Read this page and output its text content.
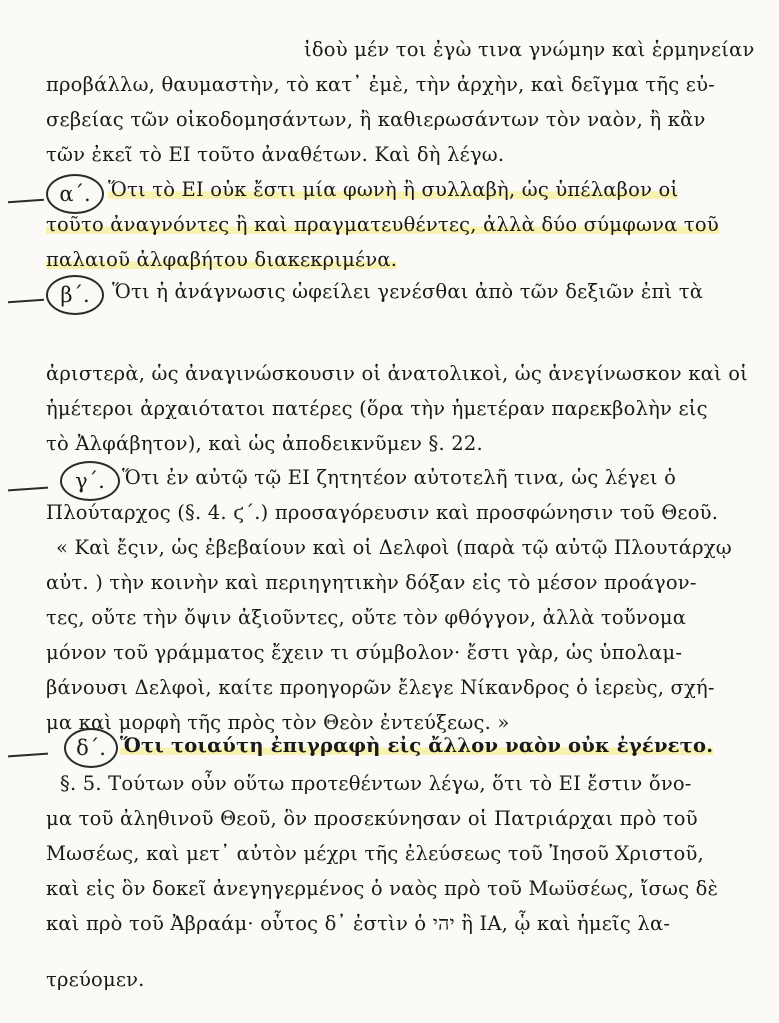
ἰδοὺ μέν τοι ἐγὼ τινα γνώμην καὶ ἑρμηνείαν
προβάλλω, θαυμαστὴν, τὸ κατ᾽ ἐμὲ, τὴν ἀρχὴν, καὶ δεῖγμα τῆς εὐ-
σεβείας τῶν οἰκοδομησάντων, ἢ καθιερωσάντων τὸν ναὸν, ἢ κἂν
τῶν ἐκεῖ τὸ ΕΙ τοῦτο ἀναθέτων. Καὶ δὴ λέγω.
α΄. Ὅτι τὸ ΕΙ οὐκ ἔστι μία φωνὴ ἢ συλλαβὴ, ὡς ὑπέλαβον οἱ
τοῦτο ἀναγνόντες ἢ καὶ πραγματευθέντες, ἀλλὰ δύο σύμφωνα τοῦ
παλαιοῦ ἀλφαβήτου διακεκριμένα.
β΄. Ὅτι ἡ ἀνάγνωσις ὠφείλει γενέσθαι ἀπὸ τῶν δεξιῶν ἐπὶ τὰ
ἀριστερὰ, ὡς ἀναγινώσκουσιν οἱ ἀνατολικοὶ, ὡς ἀνεγίνωσκον καὶ οἱ
ἡμέτεροι ἀρχαιότατοι πατέρες (ὅρα τὴν ἡμετέραν παρεκβολὴν εἰς
τὸ Ἀλφάβητον), καὶ ὡς ἀποδεικνῦμεν §. 22.
γ΄. Ὅτι ἐν αὐτῷ τῷ ΕΙ ζητητέον αὐτοτελῆ τινα, ὡς λέγει ὁ
Πλούταρχος (§. 4. ϛ΄.) προσαγόρευσιν καὶ προσφώνησιν τοῦ Θεοῦ.
« Καὶ ἔςιν, ὡς ἐβεβαίουν καὶ οἱ Δελφοὶ (παρὰ τῷ αὐτῷ Πλουτάρχῳ
αὐτ. ) τὴν κοινὴν καὶ περιηγητικὴν δόξαν εἰς τὸ μέσον προάγον-
τες, οὔτε τὴν ὄψιν ἀξιοῦντες, οὔτε τὸν φθόγγον, ἀλλὰ τοὔνομα
μόνον τοῦ γράμματος ἔχειν τι σύμβολον· ἔστι γὰρ, ὡς ὑπολαμ-
βάνουσι Δελφοὶ, καίτε προηγορῶν ἔλεγε Νίκανδρος ὁ ἱερεὺς, σχή-
μα καὶ μορφὴ τῆς πρὸς τὸν Θεὸν ἐντεύξεως. »
δ΄. Ὅτι τοιαύτη ἐπιγραφὴ εἰς ἄλλον ναὸν οὐκ ἐγένετο.
§. 5. Τούτων οὖν οὕτω προτεθέντων λέγω, ὅτι τὸ ΕΙ ἔστιν ὄνο-
μα τοῦ ἀληθινοῦ Θεοῦ, ὃν προσεκύνησαν οἱ Πατριάρχαι πρὸ τοῦ
Μωσέως, καὶ μετ᾽ αὐτὸν μέχρι τῆς ἐλεύσεως τοῦ Ἰησοῦ Χριστοῦ,
καὶ εἰς ὃν δοκεῖ ἀνεγηγερμένος ὁ ναὸς πρὸ τοῦ Μωϋσέως, ἴσως δὲ
καὶ πρὸ τοῦ Ἀβραάμ· οὗτος δ᾽ ἐστὶν ὁ יהי ἢ ΙΑ, ᾧ καὶ ἡμεῖς λα-
τρεύομεν.
